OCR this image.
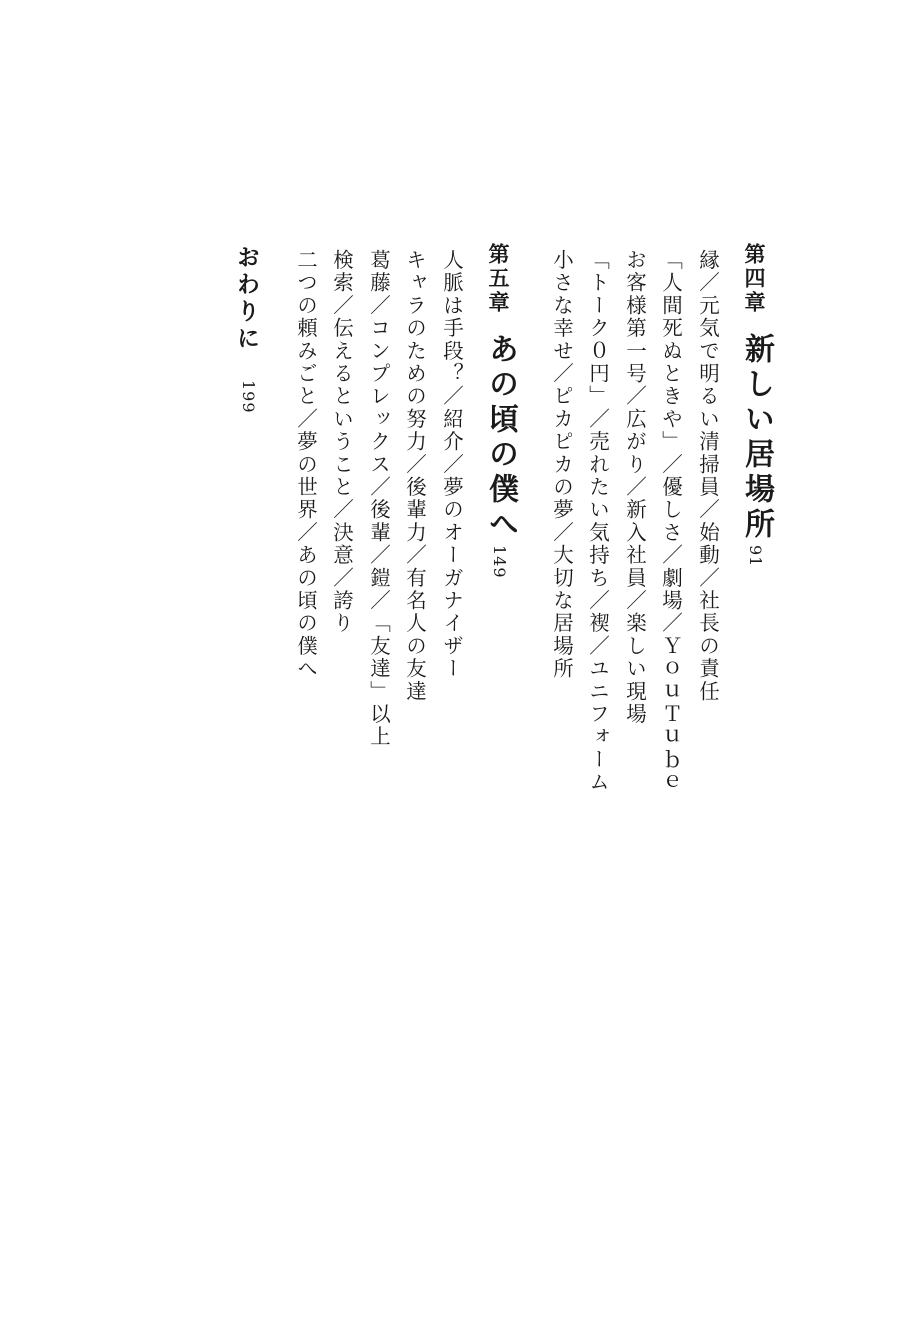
第四章
新しい居場所
91
縁／元気で明るい清掃員／始動／社長の責任
「人間死ぬときや」／優しさ／劇場／ＹｏｕＴｕｂｅ
お客様第一号／広がり／新入社員／楽しい現場
「トーク０円」／売れたい気持ち／褉／ユニフォーム
小さな幸せ／ピカピカの夢／大切な居場所
第五章
あの頃の僕へ
149
人脈は手段？／紹介／夢のオーガナイザー
キャラのための努力／後輩力／有名人の友達
葛藤／コンプレックス／後輩／鎧／「友達」以上
検索／伝えるということ／決意／誇り
二つの頼みごと／夢の世界／あの頃の僕へ
おわりに
199
